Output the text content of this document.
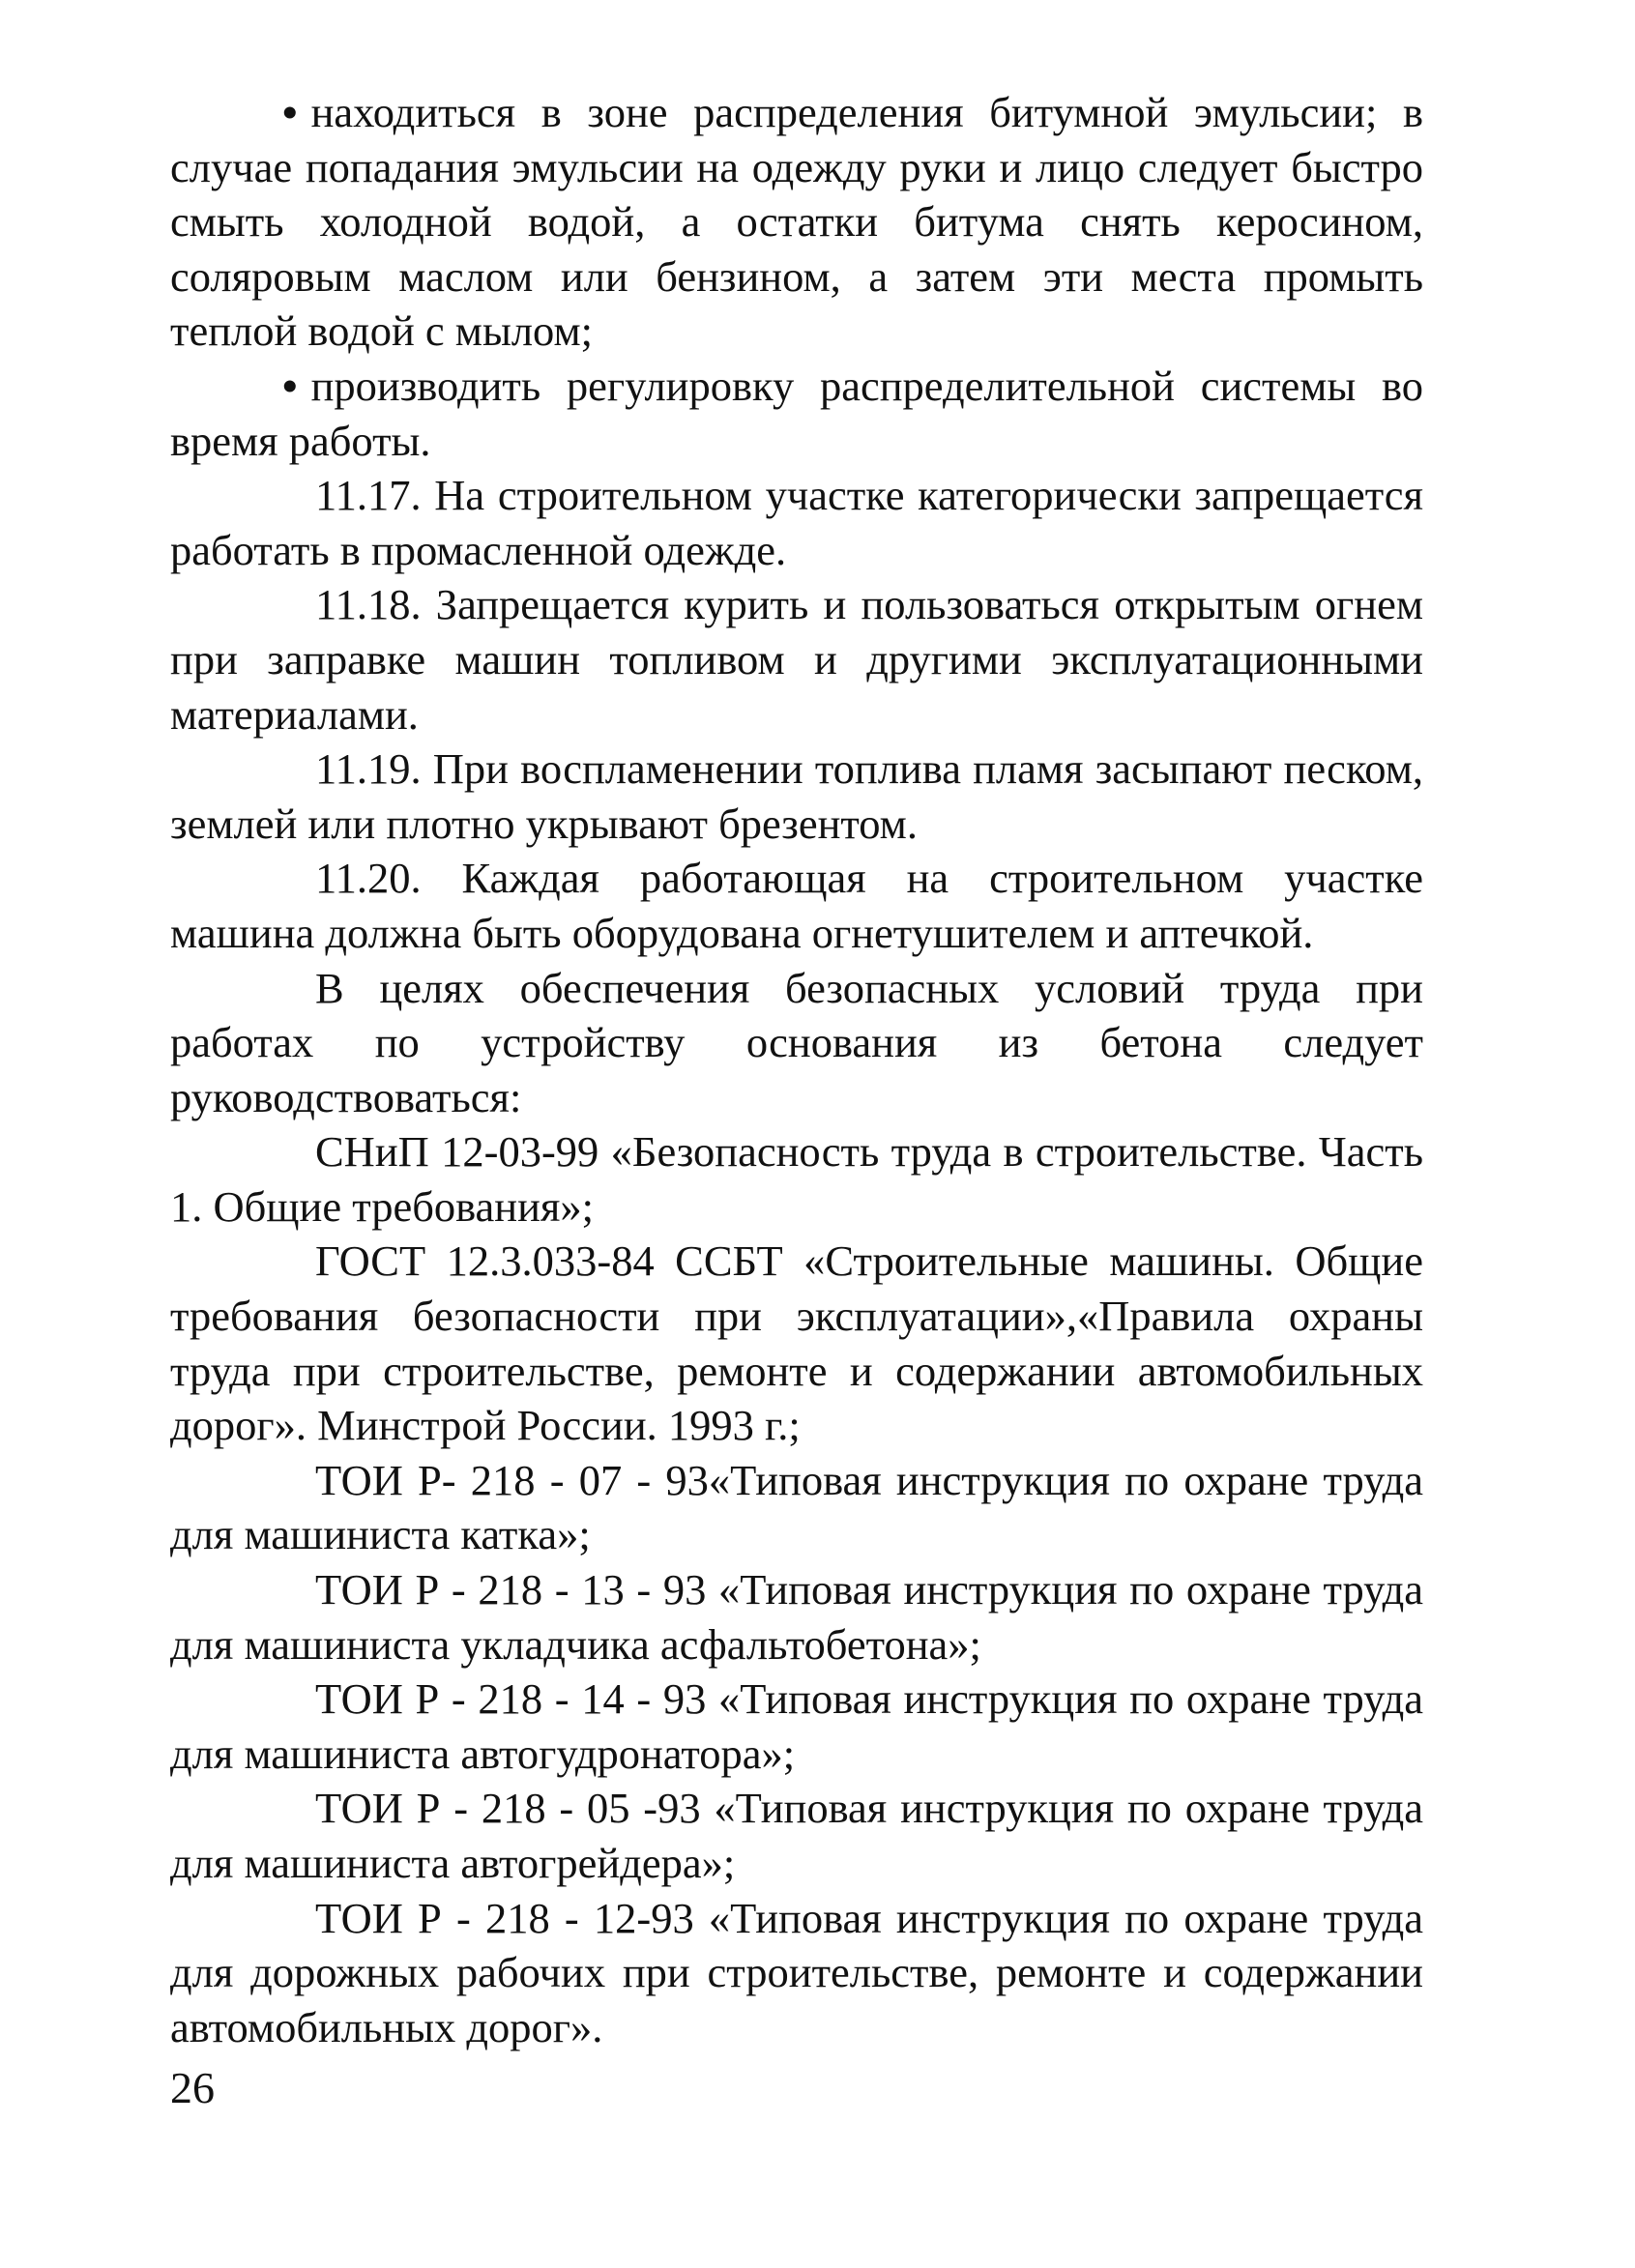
• находиться в зоне распределения битумной эмульсии; в случае попадания эмульсии на одежду руки и лицо следует быстро смыть холодной водой, а остатки битума снять керосином, соляровым маслом или бензином, а затем эти места промыть теплой водой с мылом;

• производить регулировку распределительной системы во время работы.

11.17. На строительном участке категорически запрещается работать в промасленной одежде.

11.18. Запрещается курить и пользоваться открытым огнем при заправке машин топливом и другими эксплуатационными материалами.

11.19. При воспламенении топлива пламя засыпают песком, землей или плотно укрывают брезентом.

11.20. Каждая работающая на строительном участке машина должна быть оборудована огнетушителем и аптечкой.

В целях обеспечения безопасных условий труда при работах по устройству основания из бетона следует руководствоваться:

СНиП 12-03-99 «Безопасность труда в строительстве. Часть 1. Общие требования»;

ГОСТ 12.3.033-84 ССБТ «Строительные машины. Общие требования безопасности при эксплуатации»,«Правила охраны труда при строительстве, ремонте и содержании автомобильных дорог». Минстрой России. 1993 г.;

ТОИ Р- 218 - 07 - 93«Типовая инструкция по охране труда для машиниста катка»;

ТОИ Р - 218 - 13 - 93 «Типовая инструкция по охране труда для машиниста укладчика асфальтобетона»;

ТОИ Р - 218 - 14 - 93 «Типовая инструкция по охране труда для машиниста автогудронатора»;

ТОИ Р - 218 - 05 -93 «Типовая инструкция по охране труда для машиниста автогрейдера»;

ТОИ Р - 218 - 12-93 «Типовая инструкция по охране труда для дорожных рабочих при строительстве, ремонте и содержании автомобильных дорог».

26
